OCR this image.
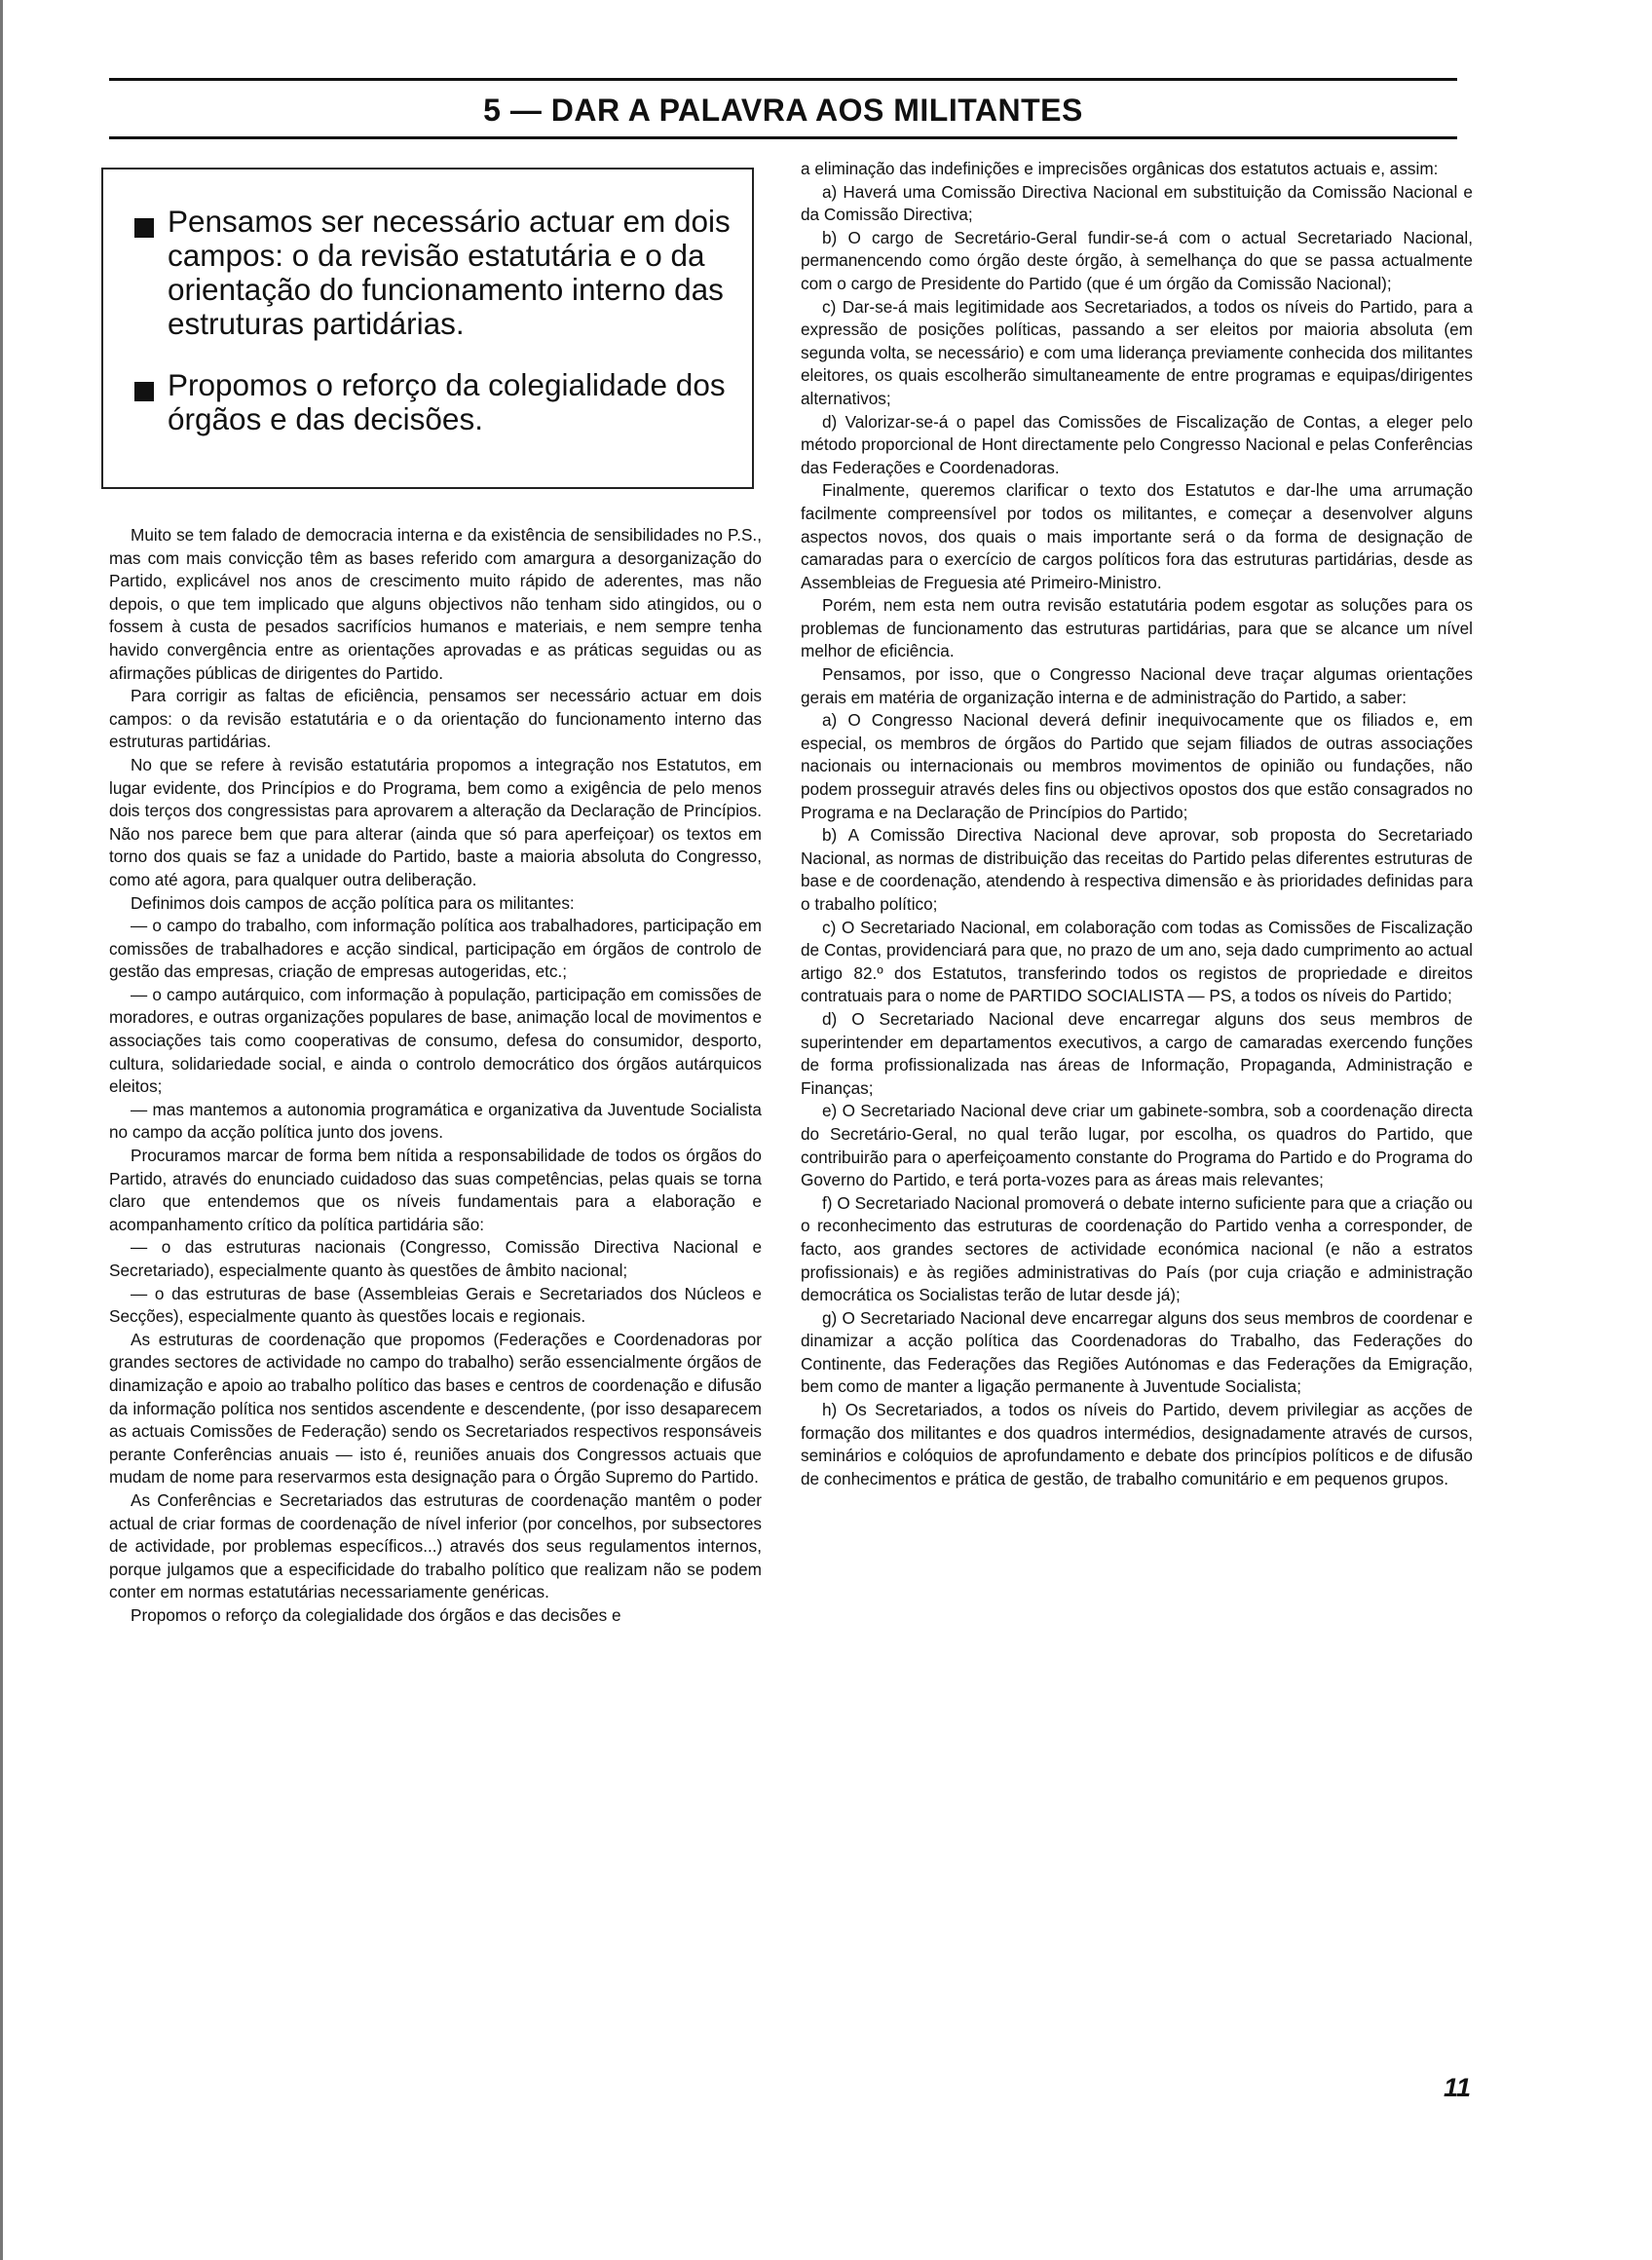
5 — DAR A PALAVRA AOS MILITANTES
Pensamos ser necessário actuar em dois campos: o da revisão estatutária e o da orientação do funcionamento interno das estruturas partidárias.
Propomos o reforço da colegialidade dos órgãos e das decisões.

Muito se tem falado de democracia interna e da existência de sensibilidades no P.S., mas com mais convicção têm as bases referido com amargura a desorganização do Partido, explicável nos anos de crescimento muito rápido de aderentes, mas não depois, o que tem implicado que alguns objectivos não tenham sido atingidos, ou o fossem à custa de pesados sacrifícios humanos e materiais, e nem sempre tenha havido convergência entre as orientações aprovadas e as práticas seguidas ou as afirmações públicas de dirigentes do Partido.

Para corrigir as faltas de eficiência, pensamos ser necessário actuar em dois campos: o da revisão estatutária e o da orientação do funcionamento interno das estruturas partidárias.

No que se refere à revisão estatutária propomos a integração nos Estatutos, em lugar evidente, dos Princípios e do Programa, bem como a exigência de pelo menos dois terços dos congressistas para aprovarem a alteração da Declaração de Princípios. Não nos parece bem que para alterar (ainda que só para aperfeiçoar) os textos em torno dos quais se faz a unidade do Partido, baste a maioria absoluta do Congresso, como até agora, para qualquer outra deliberação.

Definimos dois campos de acção política para os militantes:

— o campo do trabalho, com informação política aos trabalhadores, participação em comissões de trabalhadores e acção sindical, participação em órgãos de controlo de gestão das empresas, criação de empresas autogeridas, etc.;

— o campo autárquico, com informação à população, participação em comissões de moradores, e outras organizações populares de base, animação local de movimentos e associações tais como cooperativas de consumo, defesa do consumidor, desporto, cultura, solidariedade social, e ainda o controlo democrático dos órgãos autárquicos eleitos;

— mas mantemos a autonomia programática e organizativa da Juventude Socialista no campo da acção política junto dos jovens.

Procuramos marcar de forma bem nítida a responsabilidade de todos os órgãos do Partido, através do enunciado cuidadoso das suas competências, pelas quais se torna claro que entendemos que os níveis fundamentais para a elaboração e acompanhamento crítico da política partidária são:

— o das estruturas nacionais (Congresso, Comissão Directiva Nacional e Secretariado), especialmente quanto às questões de âmbito nacional;

— o das estruturas de base (Assembleias Gerais e Secretariados dos Núcleos e Secções), especialmente quanto às questões locais e regionais.

As estruturas de coordenação que propomos (Federações e Coordenadoras por grandes sectores de actividade no campo do trabalho) serão essencialmente órgãos de dinamização e apoio ao trabalho político das bases e centros de coordenação e difusão da informação política nos sentidos ascendente e descendente, (por isso desaparecem as actuais Comissões de Federação) sendo os Secretariados respectivos responsáveis perante Conferências anuais — isto é, reuniões anuais dos Congressos actuais que mudam de nome para reservarmos esta designação para o Órgão Supremo do Partido.

As Conferências e Secretariados das estruturas de coordenação mantêm o poder actual de criar formas de coordenação de nível inferior (por concelhos, por subsectores de actividade, por problemas específicos...) através dos seus regulamentos internos, porque julgamos que a especificidade do trabalho político que realizam não se podem conter em normas estatutárias necessariamente genéricas.

Propomos o reforço da colegialidade dos órgãos e das decisões e

a eliminação das indefinições e imprecisões orgânicas dos estatutos actuais e, assim:

a) Haverá uma Comissão Directiva Nacional em substituição da Comissão Nacional e da Comissão Directiva;

b) O cargo de Secretário-Geral fundir-se-á com o actual Secretariado Nacional, permanencendo como órgão deste órgão, à semelhança do que se passa actualmente com o cargo de Presidente do Partido (que é um órgão da Comissão Nacional);

c) Dar-se-á mais legitimidade aos Secretariados, a todos os níveis do Partido, para a expressão de posições políticas, passando a ser eleitos por maioria absoluta (em segunda volta, se necessário) e com uma liderança previamente conhecida dos militantes eleitores, os quais escolherão simultaneamente de entre programas e equipas/dirigentes alternativos;

d) Valorizar-se-á o papel das Comissões de Fiscalização de Contas, a eleger pelo método proporcional de Hont directamente pelo Congresso Nacional e pelas Conferências das Federações e Coordenadoras.

Finalmente, queremos clarificar o texto dos Estatutos e dar-lhe uma arrumação facilmente compreensível por todos os militantes, e começar a desenvolver alguns aspectos novos, dos quais o mais importante será o da forma de designação de camaradas para o exercício de cargos políticos fora das estruturas partidárias, desde as Assembleias de Freguesia até Primeiro-Ministro.

Porém, nem esta nem outra revisão estatutária podem esgotar as soluções para os problemas de funcionamento das estruturas partidárias, para que se alcance um nível melhor de eficiência.

Pensamos, por isso, que o Congresso Nacional deve traçar algumas orientações gerais em matéria de organização interna e de administração do Partido, a saber:

a) O Congresso Nacional deverá definir inequivocamente que os filiados e, em especial, os membros de órgãos do Partido que sejam filiados de outras associações nacionais ou internacionais ou membros movimentos de opinião ou fundações, não podem prosseguir através deles fins ou objectivos opostos dos que estão consagrados no Programa e na Declaração de Princípios do Partido;

b) A Comissão Directiva Nacional deve aprovar, sob proposta do Secretariado Nacional, as normas de distribuição das receitas do Partido pelas diferentes estruturas de base e de coordenação, atendendo à respectiva dimensão e às prioridades definidas para o trabalho político;

c) O Secretariado Nacional, em colaboração com todas as Comissões de Fiscalização de Contas, providenciará para que, no prazo de um ano, seja dado cumprimento ao actual artigo 82.º dos Estatutos, transferindo todos os registos de propriedade e direitos contratuais para o nome de PARTIDO SOCIALISTA — PS, a todos os níveis do Partido;

d) O Secretariado Nacional deve encarregar alguns dos seus membros de superintender em departamentos executivos, a cargo de camaradas exercendo funções de forma profissionalizada nas áreas de Informação, Propaganda, Administração e Finanças;

e) O Secretariado Nacional deve criar um gabinete-sombra, sob a coordenação directa do Secretário-Geral, no qual terão lugar, por escolha, os quadros do Partido, que contribuirão para o aperfeiçoamento constante do Programa do Partido e do Programa do Governo do Partido, e terá porta-vozes para as áreas mais relevantes;

f) O Secretariado Nacional promoverá o debate interno suficiente para que a criação ou o reconhecimento das estruturas de coordenação do Partido venha a corresponder, de facto, aos grandes sectores de actividade económica nacional (e não a estratos profissionais) e às regiões administrativas do País (por cuja criação e administração democrática os Socialistas terão de lutar desde já);

g) O Secretariado Nacional deve encarregar alguns dos seus membros de coordenar e dinamizar a acção política das Coordenadoras do Trabalho, das Federações do Continente, das Federações das Regiões Autónomas e das Federações da Emigração, bem como de manter a ligação permanente à Juventude Socialista;

h) Os Secretariados, a todos os níveis do Partido, devem privilegiar as acções de formação dos militantes e dos quadros intermédios, designadamente através de cursos, seminários e colóquios de aprofundamento e debate dos princípios políticos e de difusão de conhecimentos e prática de gestão, de trabalho comunitário e em pequenos grupos.

11
